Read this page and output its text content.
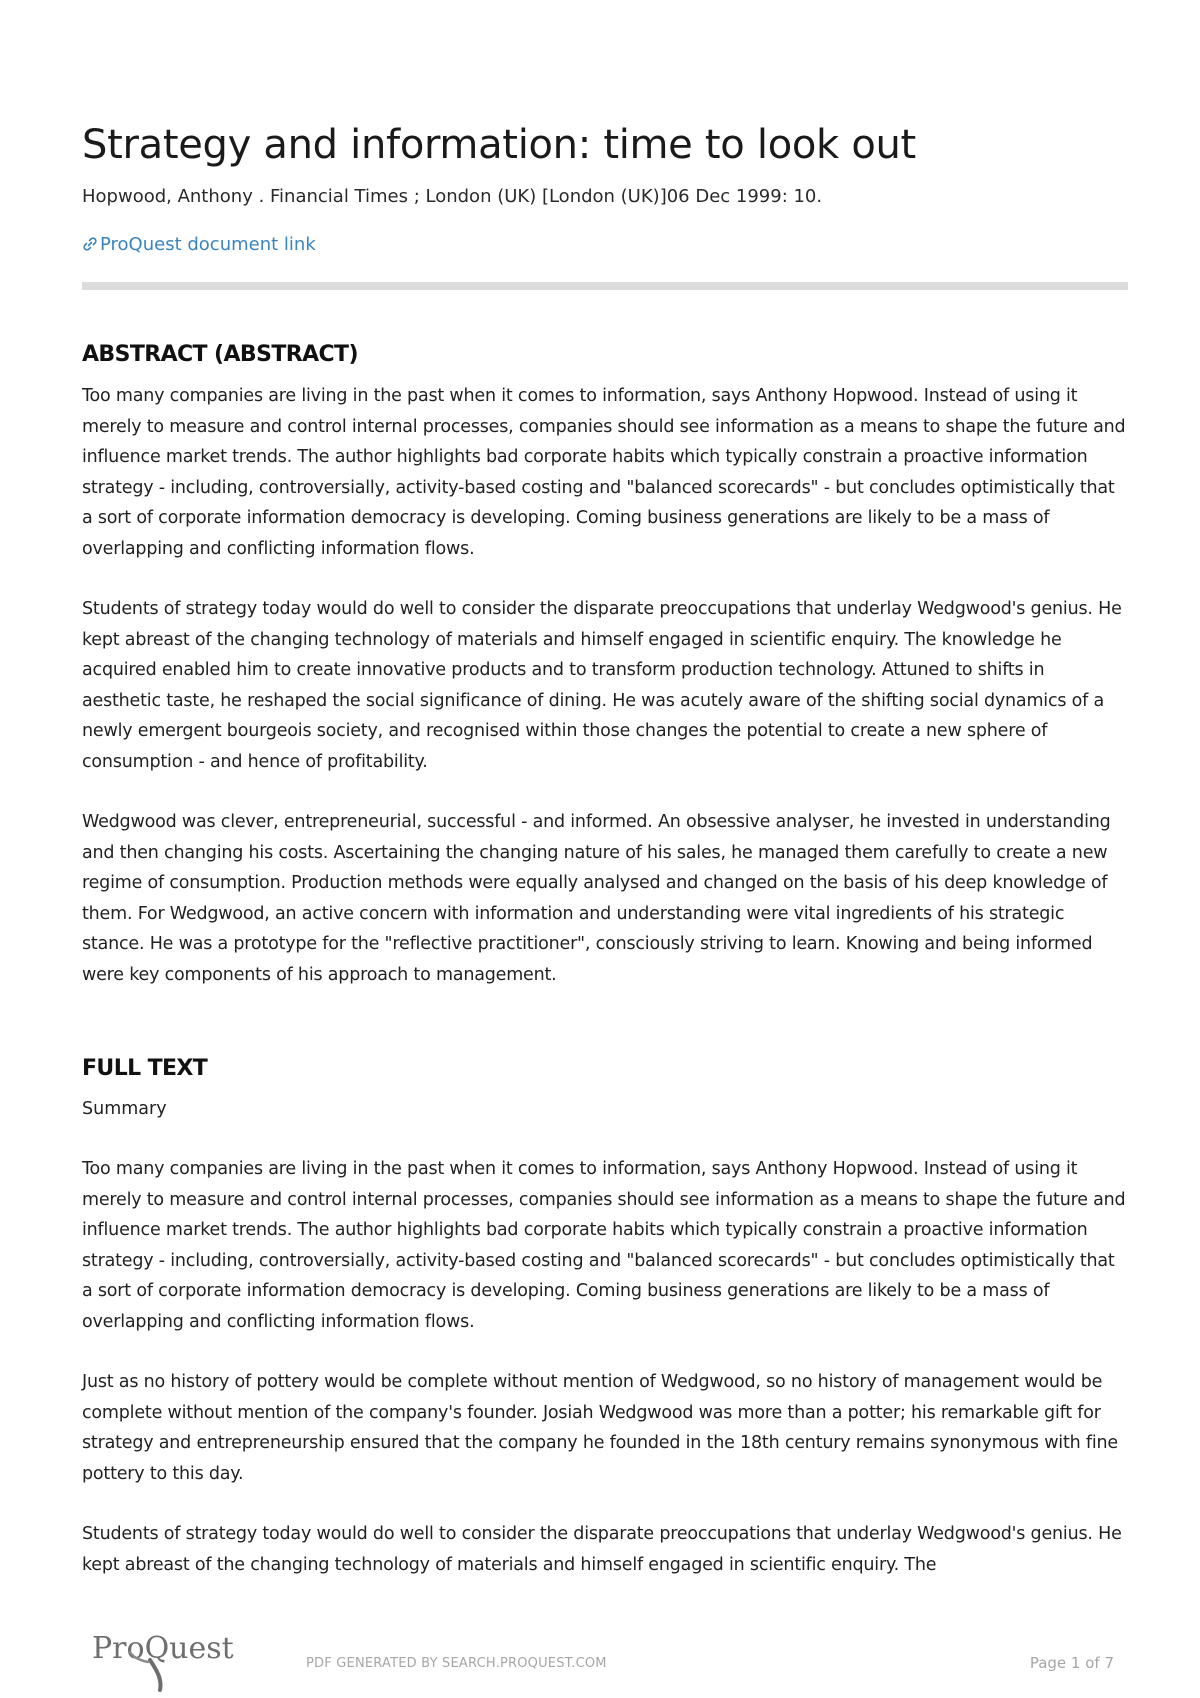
Strategy and information: time to look out
Hopwood, Anthony . Financial Times ; London (UK) [London (UK)]06 Dec 1999: 10.
ProQuest document link
ABSTRACT (ABSTRACT)

Too many companies are living in the past when it comes to information, says Anthony Hopwood. Instead of using it merely to measure and control internal processes, companies should see information as a means to shape the future and influence market trends. The author highlights bad corporate habits which typically constrain a proactive information strategy - including, controversially, activity-based costing and "balanced scorecards" - but concludes optimistically that a sort of corporate information democracy is developing. Coming business generations are likely to be a mass of overlapping and conflicting information flows.

Students of strategy today would do well to consider the disparate preoccupations that underlay Wedgwood's genius. He kept abreast of the changing technology of materials and himself engaged in scientific enquiry. The knowledge he acquired enabled him to create innovative products and to transform production technology. Attuned to shifts in aesthetic taste, he reshaped the social significance of dining. He was acutely aware of the shifting social dynamics of a newly emergent bourgeois society, and recognised within those changes the potential to create a new sphere of consumption - and hence of profitability.

Wedgwood was clever, entrepreneurial, successful - and informed. An obsessive analyser, he invested in understanding and then changing his costs. Ascertaining the changing nature of his sales, he managed them carefully to create a new regime of consumption. Production methods were equally analysed and changed on the basis of his deep knowledge of them. For Wedgwood, an active concern with information and understanding were vital ingredients of his strategic stance. He was a prototype for the "reflective practitioner", consciously striving to learn. Knowing and being informed were key components of his approach to management.

FULL TEXT

Summary

Too many companies are living in the past when it comes to information, says Anthony Hopwood. Instead of using it merely to measure and control internal processes, companies should see information as a means to shape the future and influence market trends. The author highlights bad corporate habits which typically constrain a proactive information strategy - including, controversially, activity-based costing and "balanced scorecards" - but concludes optimistically that a sort of corporate information democracy is developing. Coming business generations are likely to be a mass of overlapping and conflicting information flows.

Just as no history of pottery would be complete without mention of Wedgwood, so no history of management would be complete without mention of the company's founder. Josiah Wedgwood was more than a potter; his remarkable gift for strategy and entrepreneurship ensured that the company he founded in the 18th century remains synonymous with fine pottery to this day.

Students of strategy today would do well to consider the disparate preoccupations that underlay Wedgwood's genius. He kept abreast of the changing technology of materials and himself engaged in scientific enquiry. The

ProQuest	PDF GENERATED BY SEARCH.PROQUEST.COM	Page 1 of 7
